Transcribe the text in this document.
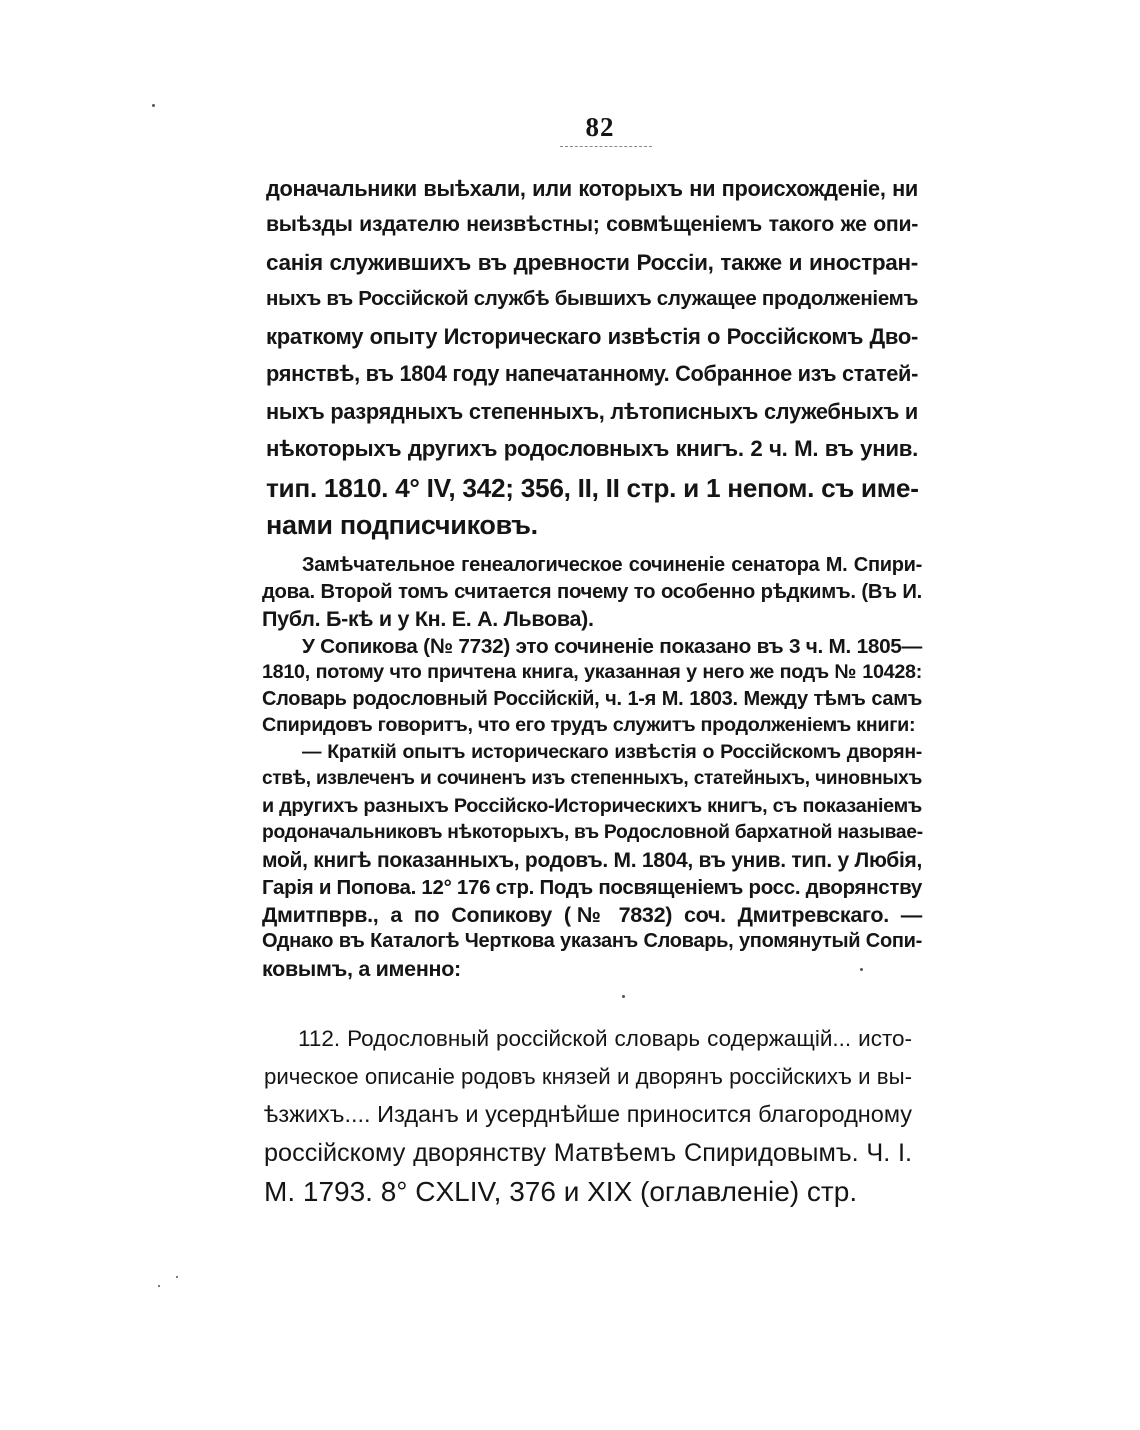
82

доначальники выѣхали, или которыхъ ни происхожденіе, ни

выѣзды издателю неизвѣстны; совмѣщеніемъ такого же опи-

санія служившихъ въ древности Россіи, также и иностран-

ныхъ въ Россійской службѣ бывшихъ служащее продолженіемъ

краткому опыту Историческаго извѣстія о Россійскомъ Дво-

рянствѣ, въ 1804 году напечатанному. Собранное изъ статей-

ныхъ разрядныхъ степенныхъ, лѣтописныхъ служебныхъ и

нѣкоторыхъ другихъ родословныхъ книгъ. 2 ч. М. въ унив.

тип. 1810. 4° IV, 342; 356, II, II стр. и 1 непом. съ име-

нами подписчиковъ.

Замѣчательное генеалогическое сочиненіе сенатора М. Спири-

дова. Второй томъ считается почему то особенно рѣдкимъ. (Въ И.

Публ. Б-кѣ и у Кн. Е. А. Львова).

У Сопикова (№ 7732) это сочиненіе показано въ 3 ч. М. 1805—

1810, потому что причтена книга, указанная у него же подъ № 10428:

Словарь родословный Россійскій, ч. 1-я М. 1803. Между тѣмъ самъ

Спиридовъ говоритъ, что его трудъ служитъ продолженіемъ книги:

— Краткій опытъ историческаго извѣстія о Россійскомъ дворян-

ствѣ, извлеченъ и сочиненъ изъ степенныхъ, статейныхъ, чиновныхъ

и другихъ разныхъ Россійско-Историческихъ книгъ, съ показаніемъ

родоначальниковъ нѣкоторыхъ, въ Родословной бархатной называе-

мой, книгѣ показанныхъ, родовъ. М. 1804, въ унив. тип. у Любія,

Гарія и Попова. 12° 176 стр. Подъ посвященіемъ росс. дворянству

Дмитпврв., а по Сопикову (№ 7832) соч. Дмитревскаго. —

Однако въ Каталогѣ Черткова указанъ Словарь, упомянутый Сопи-

ковымъ, а именно:

112. Родословный россійской словарь содержащій... исто-

рическое описаніе родовъ князей и дворянъ россійскихъ и вы-

ѣзжихъ.... Изданъ и усерднѣйше приносится благородному

россійскому дворянству Матвѣемъ Спиридовымъ. Ч. I.

М. 1793. 8° CXLIV, 376 и XIX (оглавленіе) стр.
